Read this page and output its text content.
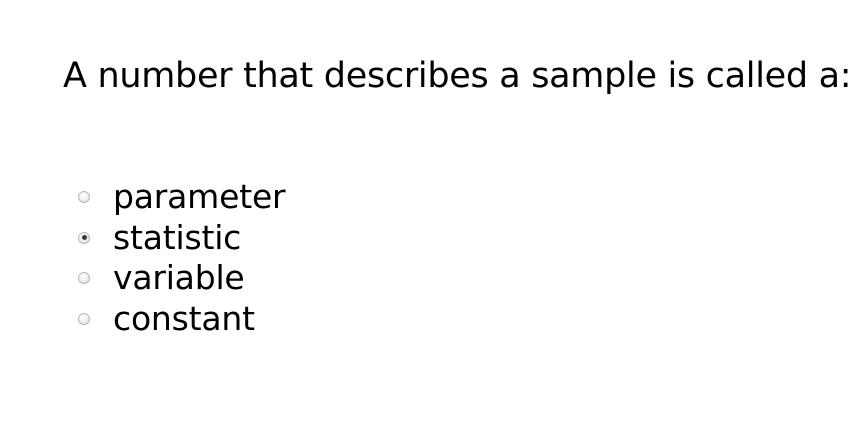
A number that describes a sample is called a:
parameter
statistic
variable
constant
